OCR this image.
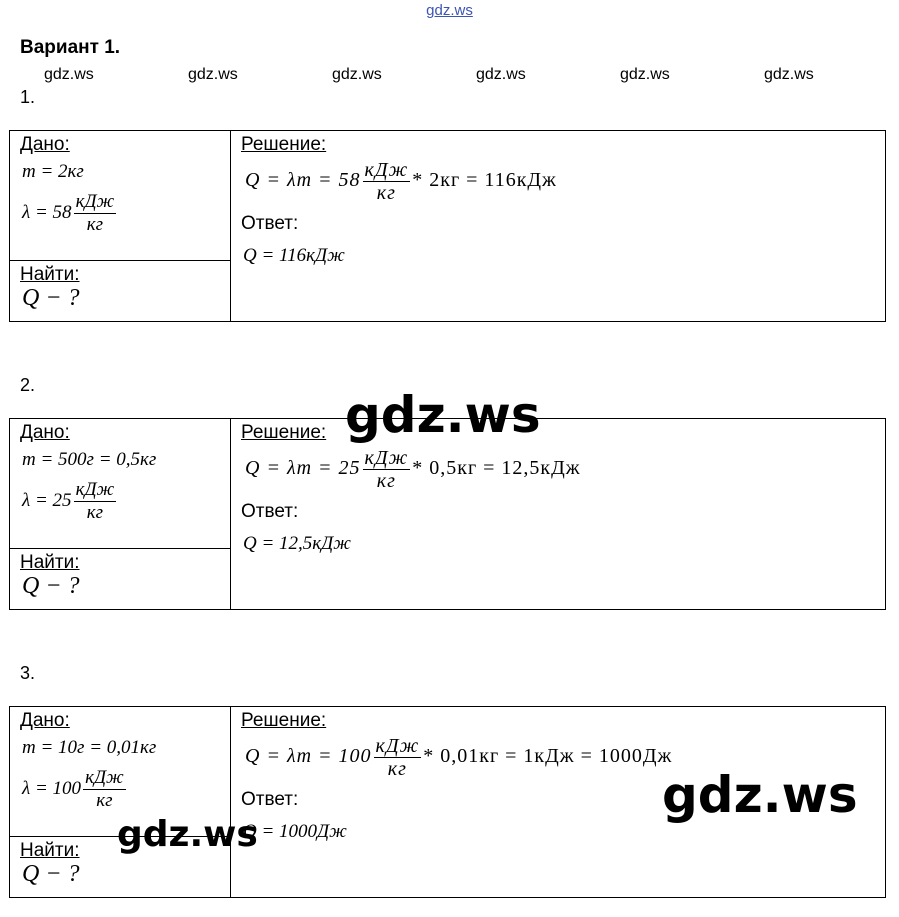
gdz.ws
Вариант 1.
gdz.ws	gdz.ws	gdz.ws	gdz.ws	gdz.ws	gdz.ws
1.
Дано:
m = 2кг
$\lambda = 58 \frac{\text{кДж}}{кг}$
Найти:
Q − ?
Решение:
$Q = \lambda m = 58 \frac{\text{кДж}}{кг} * 2кг = 116кДж$
Ответ:
Q = 116кДж
2.
Дано:
m = 500г = 0,5кг
$\lambda = 25 \frac{\text{кДж}}{кг}$
Найти:
Q − ?
Решение:
$Q = \lambda m = 25 \frac{\text{кДж}}{кг} * 0,5кг = 12,5кДж$
Ответ:
Q = 12,5кДж
3.
Дано:
m = 10г = 0,01кг
$\lambda = 100 \frac{\text{кДж}}{кг}$
Найти:
Q − ?
Решение:
$Q = \lambda m = 100 \frac{\text{кДж}}{кг} * 0,01кг = 1кДж = 1000Дж$
Ответ:
Q = 1000Дж
gdz.ws
gdz.ws
gdz.ws
